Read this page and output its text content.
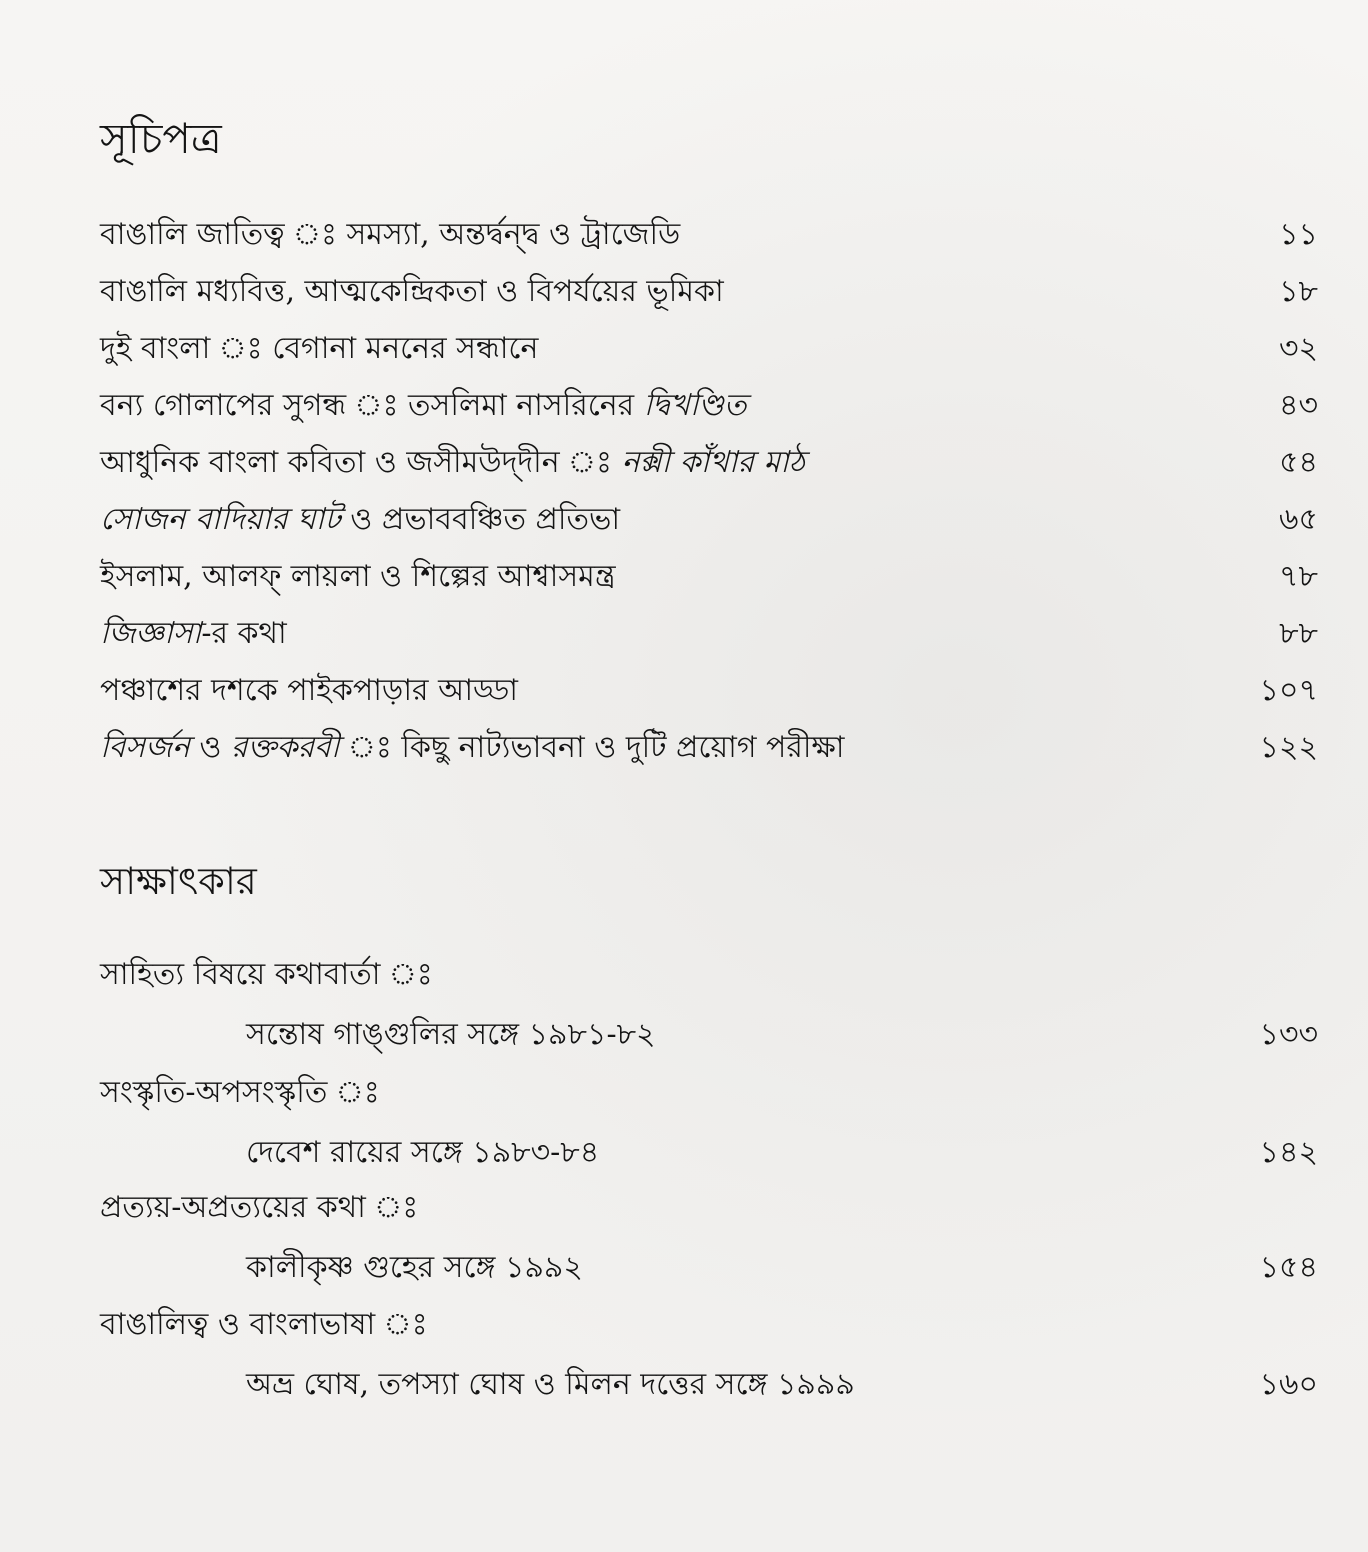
সূচিপত্র
বাঙালি জাতিত্ব ঃ সমস্যা, অন্তর্দ্বন্দ্ব ও ট্রাজেডি	১১
বাঙালি মধ্যবিত্ত, আত্মকেন্দ্রিকতা ও বিপর্যয়ের ভূমিকা	১৮
দুই বাংলা ঃ বেগানা মননের সন্ধানে	৩২
বন্য গোলাপের সুগন্ধ ঃ তসলিমা নাসরিনের দ্বিখণ্ডিত	৪৩
আধুনিক বাংলা কবিতা ও জসীমউদ্‌দীন ঃ নক্সী কাঁথার মাঠ	৫৪
সোজন বাদিয়ার ঘাট ও প্রভাববঞ্চিত প্রতিভা	৬৫
ইসলাম, আলফ্ লায়লা ও শিল্পের আশ্বাসমন্ত্র	৭৮
জিজ্ঞাসা-র কথা	৮৮
পঞ্চাশের দশকে পাইকপাড়ার আড্ডা	১০৭
বিসর্জন ও রক্তকরবী ঃ কিছু নাট্যভাবনা ও দুটি প্রয়োগ পরীক্ষা	১২২
সাক্ষাৎকার
সাহিত্য বিষয়ে কথাবার্তা ঃ
সন্তোষ গাঙ্গুলির সঙ্গে ১৯৮১-৮২	১৩৩
সংস্কৃতি-অপসংস্কৃতি ঃ
দেবেশ রায়ের সঙ্গে ১৯৮৩-৮৪	১৪২
প্রত্যয়-অপ্রত্যয়ের কথা ঃ
কালীকৃষ্ণ গুহের সঙ্গে ১৯৯২	১৫৪
বাঙালিত্ব ও বাংলাভাষা ঃ
অভ্র ঘোষ, তপস্যা ঘোষ ও মিলন দত্তের সঙ্গে ১৯৯৯	১৬০
